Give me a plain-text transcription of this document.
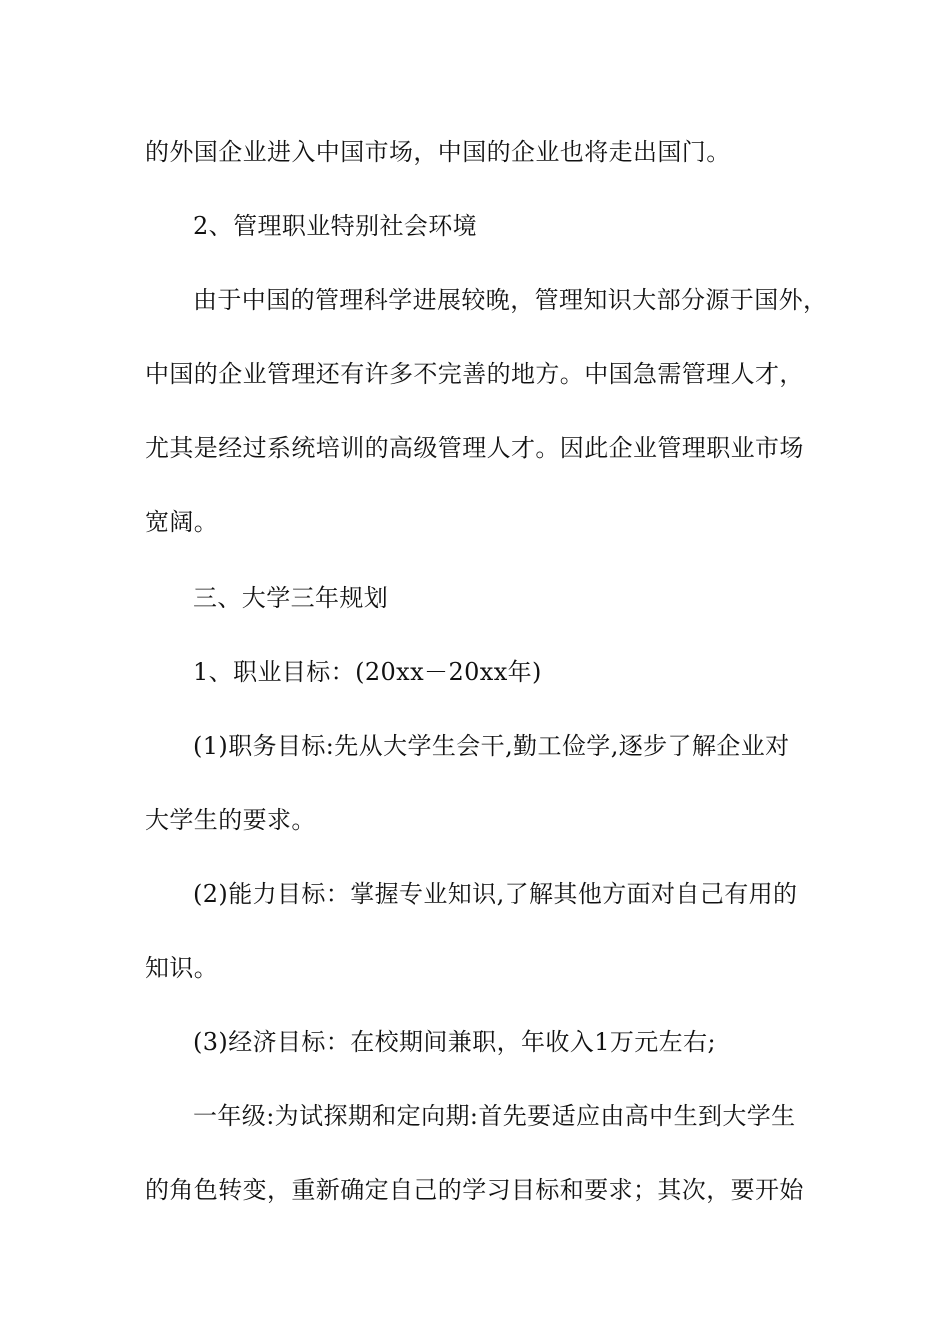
的外国企业进入中国市场，中国的企业也将走出国门。
2、管理职业特别社会环境
由于中国的管理科学进展较晚，管理知识大部分源于国外，
中国的企业管理还有许多不完善的地方。中国急需管理人才，
尤其是经过系统培训的高级管理人才。因此企业管理职业市场
宽阔。
三、大学三年规划
1、职业目标：(20xx－20xx年)
(1)职务目标:先从大学生会干,勤工俭学,逐步了解企业对
大学生的要求。
(2)能力目标：掌握专业知识,了解其他方面对自己有用的
知识。
(3)经济目标：在校期间兼职，年收入1万元左右;
一年级:为试探期和定向期:首先要适应由高中生到大学生
的角色转变，重新确定自己的学习目标和要求；其次，要开始
